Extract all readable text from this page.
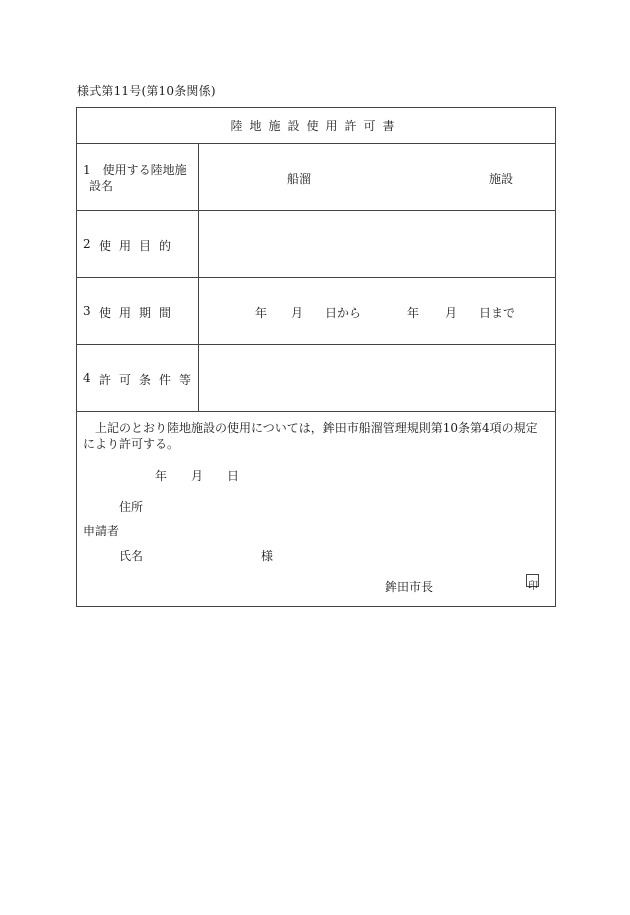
様式第11号(第10条関係)
陸地施設使用許可書
1　使用する陸地施
設名	船溜	施設
2 使用目的
3 使用期間	年 月 日から	年 月 日まで
4 許可条件等
上記のとおり陸地施設の使用については，鉾田市船溜管理規則第10条第4項の規定により許可する。
年 月 日
住所
申請者
氏名	様
鉾田市長	印
